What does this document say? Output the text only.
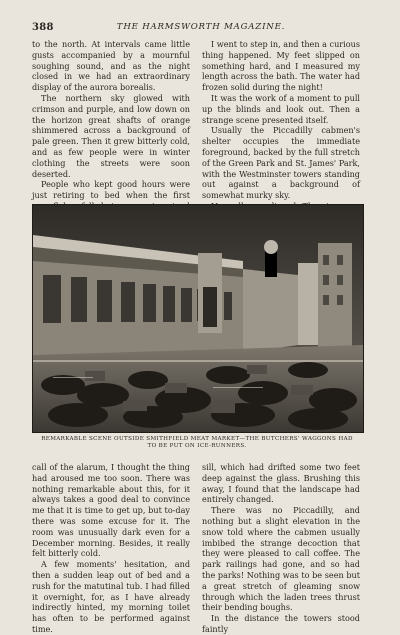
388	THE HARMSWORTH MAGAZINE.

to the north. At intervals came little gusts accompanied by a mournful soughing sound, and as the night closed in we had an extraordinary display of the aurora borealis.

The northern sky glowed with crimson and purple, and low down on the horizon great shafts of orange shimmered across a background of pale green. Then it grew bitterly cold, and as few people were in winter clothing the streets were soon deserted.

People who kept good hours were just retiring to bed when the first

I went to step in, and then a curious thing happened. My feet slipped on something hard, and I measured my length across the bath. The water had frozen solid during the night!

It was the work of a moment to pull up the blinds and look out. Then a strange scene presented itself.

Usually the Piccadilly cabmen's shelter occupies the immediate foreground, backed by the full stretch of the Green Park and St. James' Park, with the Westminster towers standing out against a background of somewhat murky sky.

REMARKABLE SCENE OUTSIDE SMITHFIELD MEAT MARKET—THE BUTCHERS' WAGGONS HAD TO BE PUT ON ICE-RUNNERS.

call of the alarum, I thought the thing had aroused me too soon. There was nothing remarkable about this, for it always takes a good deal to convince me that it is time to get up, but to-day there was some excuse for it. The room was unusually dark even for a December morning. Besides, it really felt bitterly cold.

A few moments' hesitation, and then a sudden leap out of bed and a rush for the matutinal tub. I had filled it overnight, for, as I have already indirectly hinted, my morning toilet has often to be performed against time.

sill, which had drifted some two feet deep against the glass. Brushing this away, I found that the landscape had entirely changed.

There was no Piccadilly, and nothing but a slight elevation in the snow told where the cabmen usually imbibed the strange decoction that they were pleased to call coffee. The park railings had gone, and so had the parks! Nothing was to be seen but a great stretch of gleaming snow through which the laden trees thrust their bending boughs.

In the distance the towers stood faintly
